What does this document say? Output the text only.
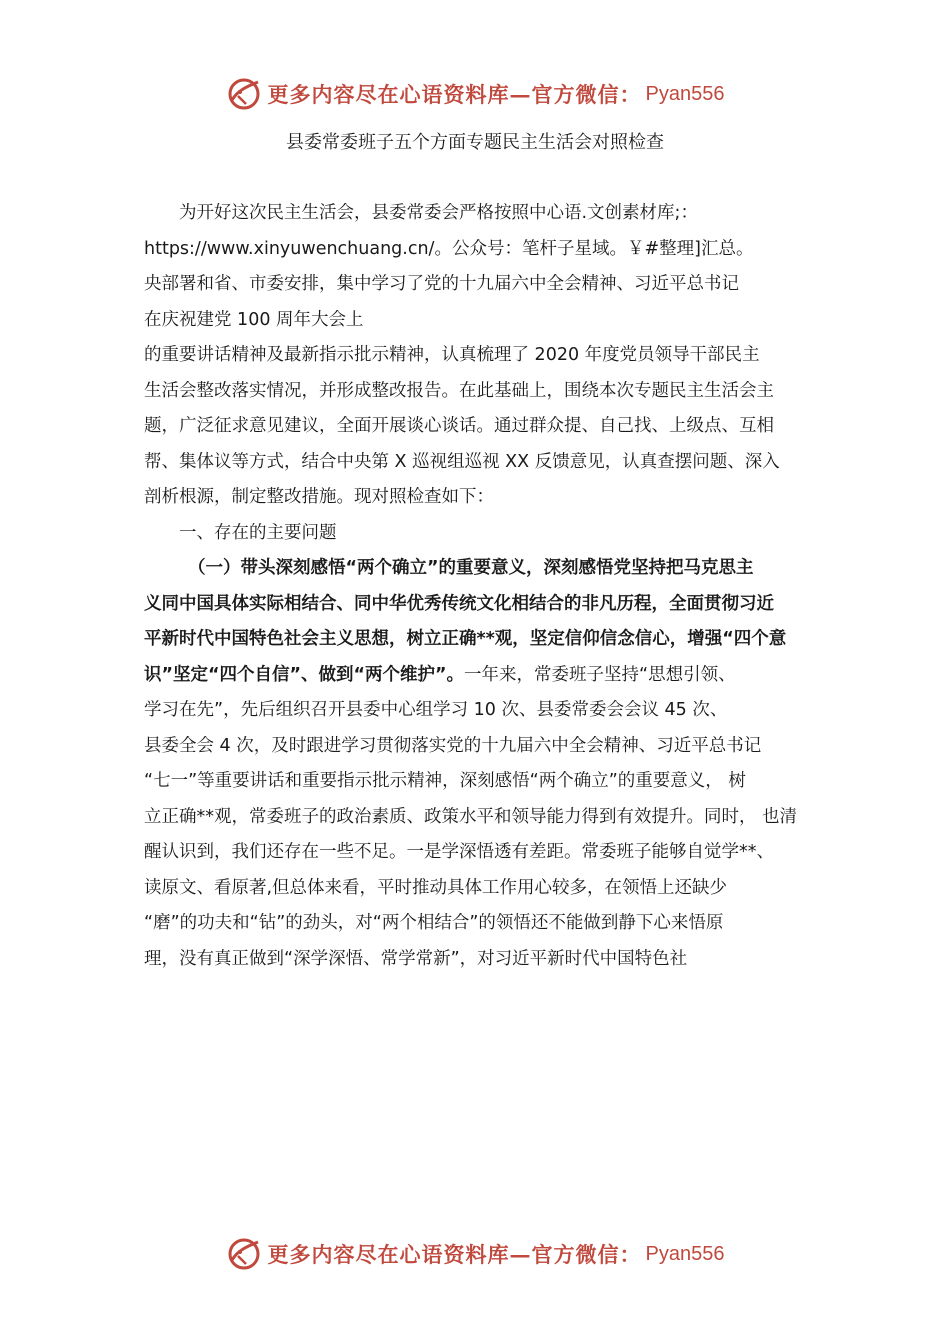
更多内容尽在心语资料库—官方微信： Pyan556
县委常委班子五个方面专题民主生活会对照检查
为开好这次民主生活会，县委常委会严格按照中心语.文创素材库;：
https://www.xinyuwenchuang.cn/。公众号：笔杆子星域。￥#整理]汇总。
央部署和省、市委安排，集中学习了党的十九届六中全会精神、习近平总书记
在庆祝建党 100 周年大会上
的重要讲话精神及最新指示批示精神，认真梳理了 2020 年度党员领导干部民主
生活会整改落实情况，并形成整改报告。在此基础上，围绕本次专题民主生活会主
题，广泛征求意见建议，全面开展谈心谈话。通过群众提、自己找、上级点、互相
帮、集体议等方式，结合中央第 X 巡视组巡视 XX 反馈意见，认真查摆问题、深入
剖析根源，制定整改措施。现对照检查如下：
一、存在的主要问题
（一）带头深刻感悟“两个确立”的重要意义，深刻感悟党坚持把马克思主
义同中国具体实际相结合、同中华优秀传统文化相结合的非凡历程，全面贯彻习近
平新时代中国特色社会主义思想，树立正确**观，坚定信仰信念信心，增强“四个意
识”坚定“四个自信”、做到“两个维护”。一年来，常委班子坚持“思想引领、
学习在先”，先后组织召开县委中心组学习 10 次、县委常委会会议 45 次、
县委全会 4 次，及时跟进学习贯彻落实党的十九届六中全会精神、习近平总书记
“七一”等重要讲话和重要指示批示精神，深刻感悟“两个确立”的重要意义， 树
立正确**观，常委班子的政治素质、政策水平和领导能力得到有效提升。同时， 也清
醒认识到，我们还存在一些不足。一是学深悟透有差距。常委班子能够自觉学**、
读原文、看原著,但总体来看，平时推动具体工作用心较多，在领悟上还缺少
“磨”的功夫和“钻”的劲头，对“两个相结合”的领悟还不能做到静下心来悟原
理，没有真正做到“深学深悟、常学常新”，对习近平新时代中国特色社
更多内容尽在心语资料库—官方微信： Pyan556
